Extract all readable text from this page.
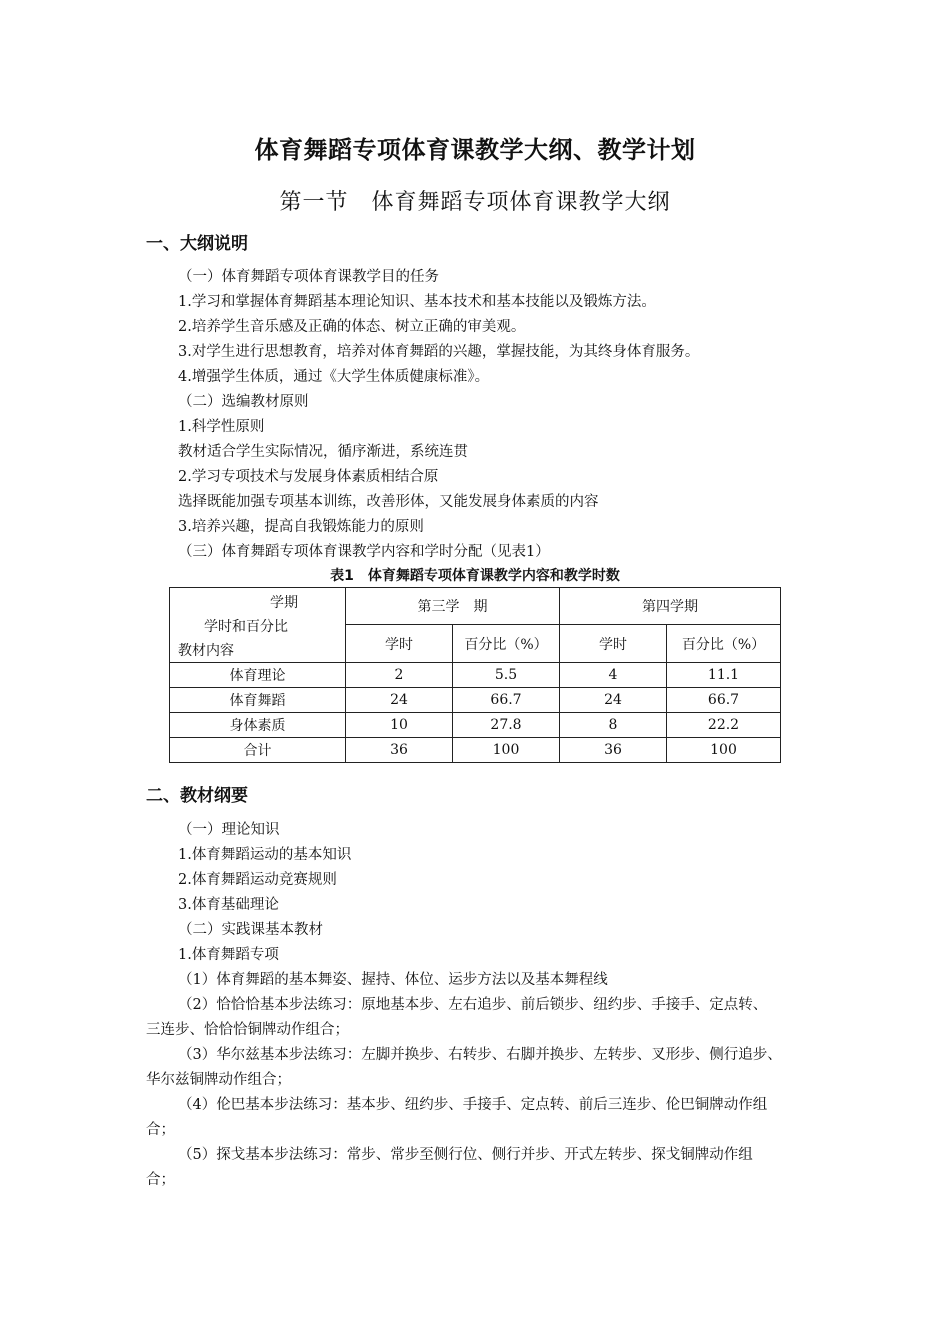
体育舞蹈专项体育课教学大纲、教学计划
第一节　体育舞蹈专项体育课教学大纲
一、大纲说明
（一）体育舞蹈专项体育课教学目的任务
1.学习和掌握体育舞蹈基本理论知识、基本技术和基本技能以及锻炼方法。
2.培养学生音乐感及正确的体态、树立正确的审美观。
3.对学生进行思想教育，培养对体育舞蹈的兴趣，掌握技能，为其终身体育服务。
4.增强学生体质，通过《大学生体质健康标准》。
（二）选编教材原则
1.科学性原则
教材适合学生实际情况，循序渐进，系统连贯
2.学习专项技术与发展身体素质相结合原
选择既能加强专项基本训练，改善形体，又能发展身体素质的内容
3.培养兴趣，提高自我锻炼能力的原则
（三）体育舞蹈专项体育课教学内容和学时分配（见表1）
表1　体育舞蹈专项体育课教学内容和教学时数
学期
学时和百分比
教材内容	第三学　期		第四学期	
	学时	百分比（%）	学时	百分比（%）
体育理论	2	5.5	4	11.1
体育舞蹈	24	66.7	24	66.7
身体素质	10	27.8	8	22.2
合计	36	100	36	100
二、教材纲要
（一）理论知识
1.体育舞蹈运动的基本知识
2.体育舞蹈运动竞赛规则
3.体育基础理论
（二）实践课基本教材
1.体育舞蹈专项
（1）体育舞蹈的基本舞姿、握持、体位、运步方法以及基本舞程线
（2）恰恰恰基本步法练习：原地基本步、左右追步、前后锁步、纽约步、手接手、定点转、
三连步、恰恰恰铜牌动作组合；
（3）华尔兹基本步法练习：左脚并换步、右转步、右脚并换步、左转步、叉形步、侧行追步、
华尔兹铜牌动作组合；
（4）伦巴基本步法练习：基本步、纽约步、手接手、定点转、前后三连步、伦巴铜牌动作组
合；
（5）探戈基本步法练习：常步、常步至侧行位、侧行并步、开式左转步、探戈铜牌动作组
合；
